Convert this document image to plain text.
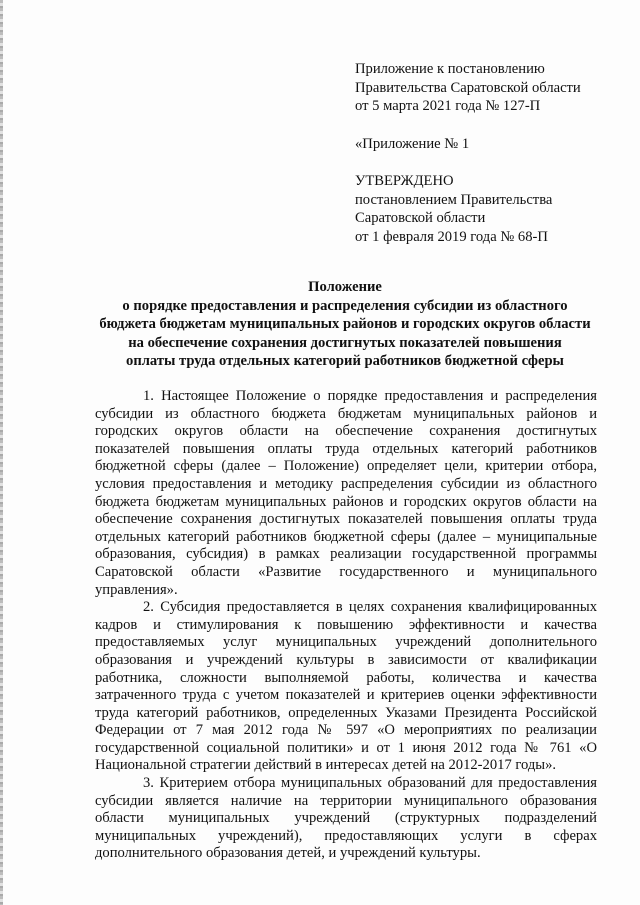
Приложение к постановлению
Правительства Саратовской области
от 5 марта 2021 года № 127-П
«Приложение № 1
УТВЕРЖДЕНО
постановлением Правительства
Саратовской области
от 1 февраля 2019 года № 68-П
Положение
о порядке предоставления и распределения субсидии из областного
бюджета бюджетам муниципальных районов и городских округов области
на обеспечение сохранения достигнутых показателей повышения
оплаты труда отдельных категорий работников бюджетной сферы

1. Настоящее Положение о порядке предоставления и распределения субсидии из областного бюджета бюджетам муниципальных районов и городских округов области на обеспечение сохранения достигнутых показателей повышения оплаты труда отдельных категорий работников бюджетной сферы (далее – Положение) определяет цели, критерии отбора, условия предоставления и методику распределения субсидии из областного бюджета бюджетам муниципальных районов и городских округов области на обеспечение сохранения достигнутых показателей повышения оплаты труда отдельных категорий работников бюджетной сферы (далее – муниципальные образования, субсидия) в рамках реализации государственной программы Саратовской области «Развитие государственного и муниципального управления».

2. Субсидия предоставляется в целях сохранения квалифицированных кадров и стимулирования к повышению эффективности и качества предоставляемых услуг муниципальных учреждений дополнительного образования и учреждений культуры в зависимости от квалификации работника, сложности выполняемой работы, количества и качества затраченного труда с учетом показателей и критериев оценки эффективности труда категорий работников, определенных Указами Президента Российской Федерации от 7 мая 2012 года № 597 «О мероприятиях по реализации государственной социальной политики» и от 1 июня 2012 года № 761 «О Национальной стратегии действий в интересах детей на 2012-2017 годы».

3. Критерием отбора муниципальных образований для предоставления субсидии является наличие на территории муниципального образования области муниципальных учреждений (структурных подразделений муниципальных учреждений), предоставляющих услуги в сферах дополнительного образования детей, и учреждений культуры.
